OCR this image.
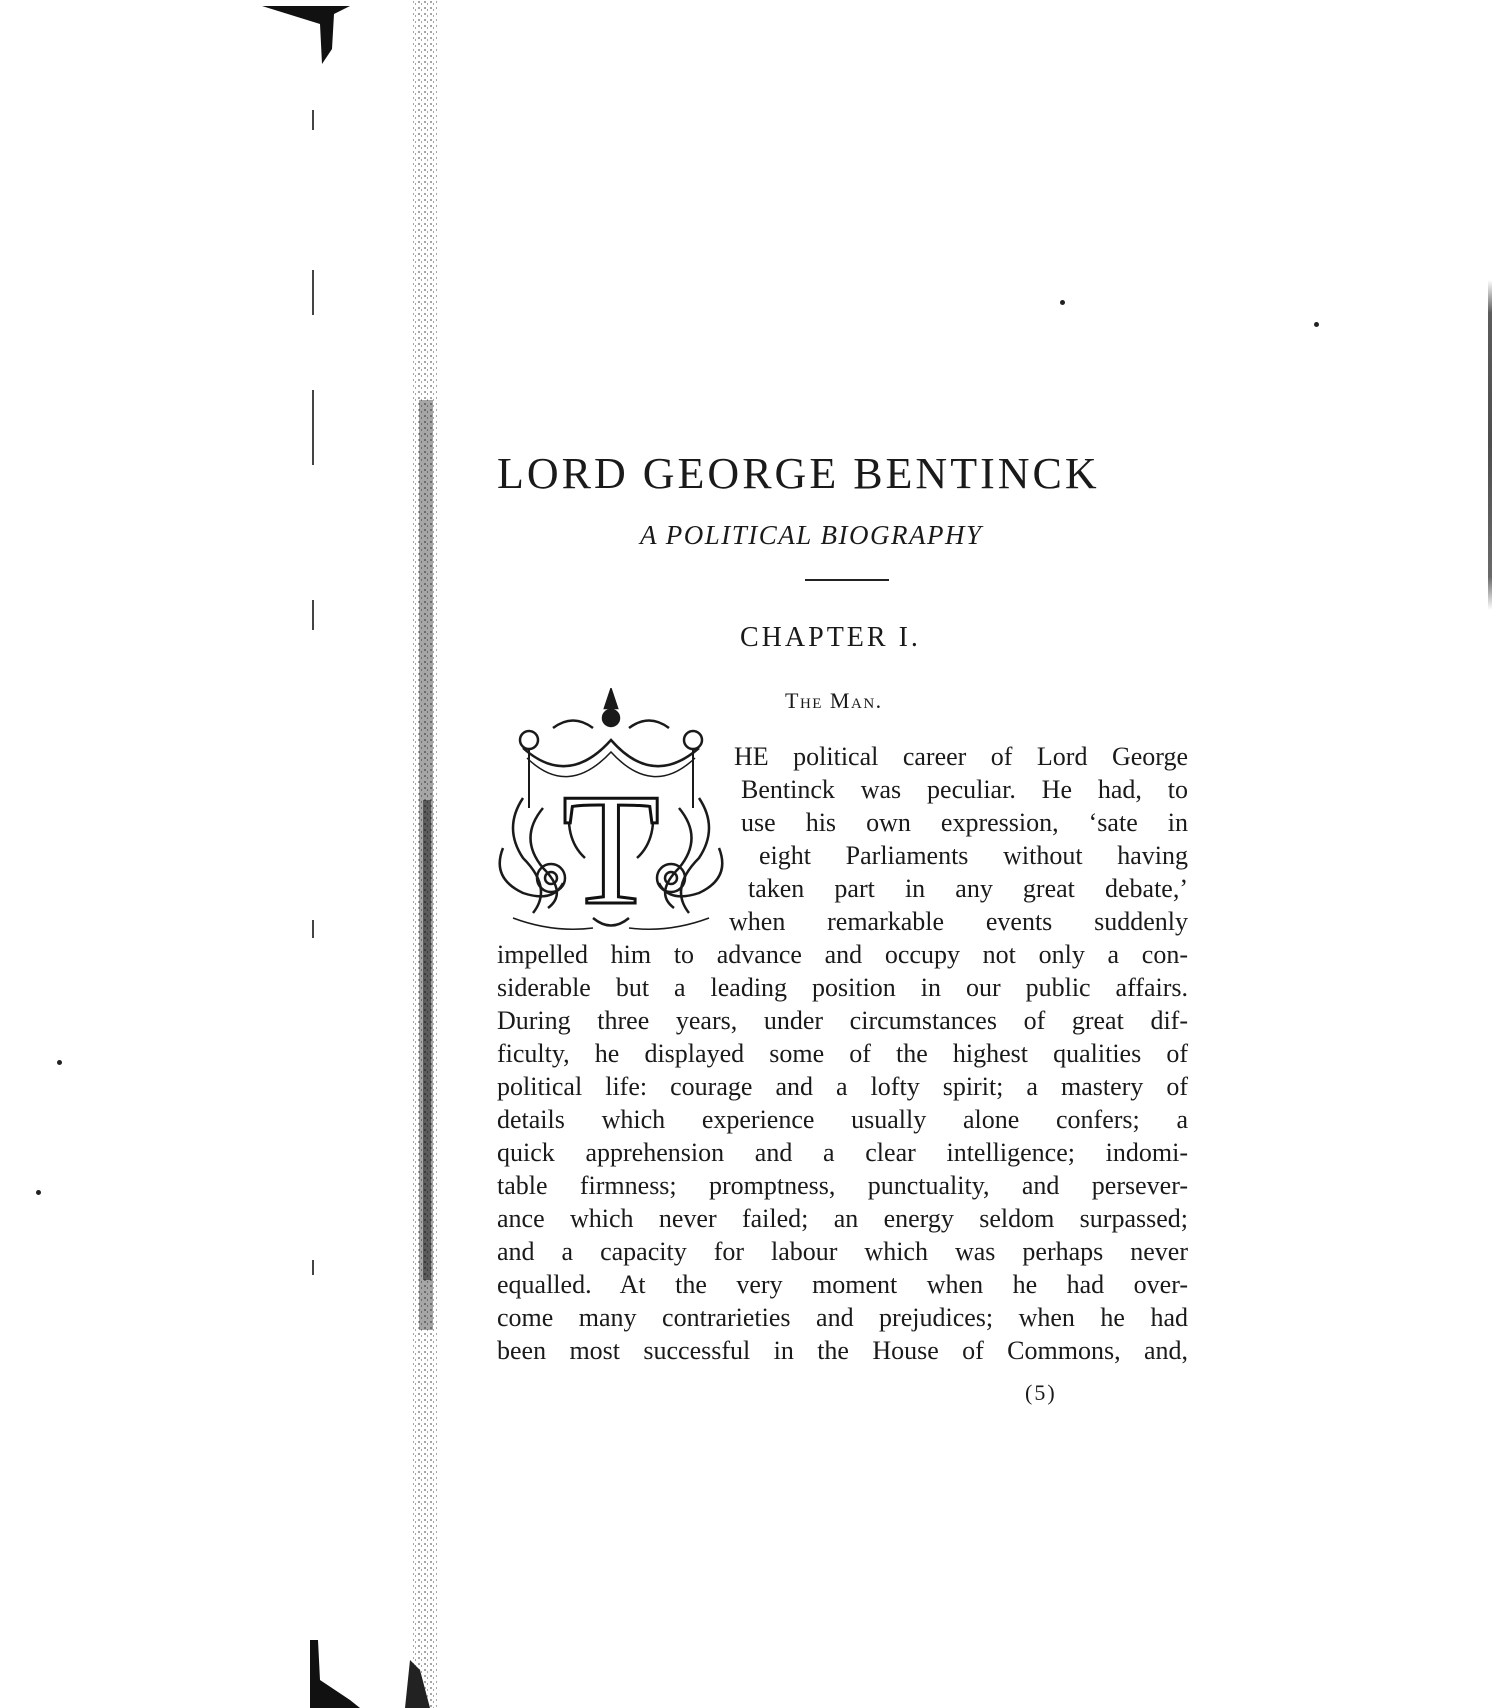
LORD GEORGE BENTINCK
A POLITICAL BIOGRAPHY
CHAPTER I.
The Man.
T
HE political career of Lord George
Bentinck was peculiar. He had, to
use his own expression, ‘sate in
eight Parliaments without having
taken part in any great debate,’
when remarkable events suddenly
impelled him to advance and occupy not only a con-
siderable but a leading position in our public affairs.
During three years, under circumstances of great dif-
ficulty, he displayed some of the highest qualities of
political life: courage and a lofty spirit; a mastery of
details which experience usually alone confers; a
quick apprehension and a clear intelligence; indomi-
table firmness; promptness, punctuality, and persever-
ance which never failed; an energy seldom surpassed;
and a capacity for labour which was perhaps never
equalled. At the very moment when he had over-
come many contrarieties and prejudices; when he had
been most successful in the House of Commons, and,
(5)
